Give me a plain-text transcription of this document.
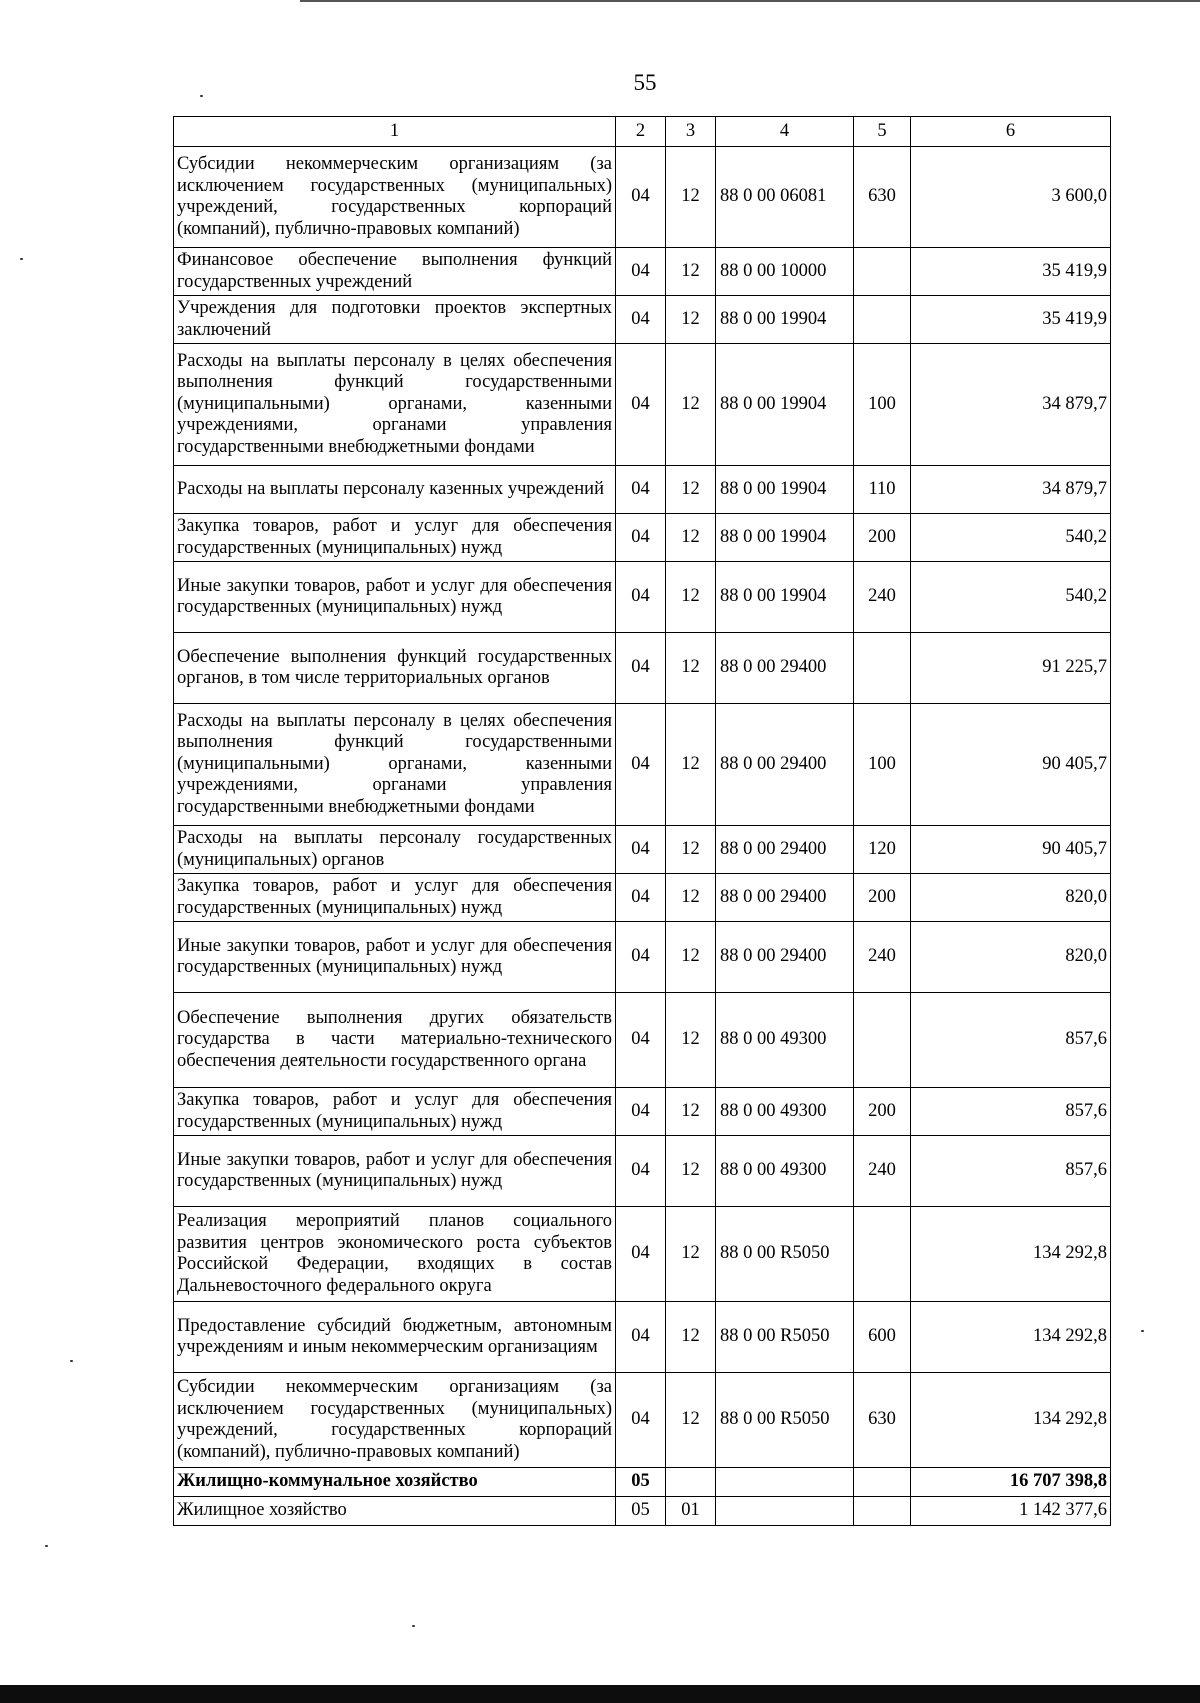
55
1	2	3	4	5	6
Субсидии некоммерческим организациям (за исключением государственных (муниципальных) учреждений, государственных корпораций (компаний), публично-правовых компаний)	04	12	88 0 00 06081	630	3 600,0
Финансовое обеспечение выполнения функций государственных учреждений	04	12	88 0 00 10000		35 419,9
Учреждения для подготовки проектов экспертных заключений	04	12	88 0 00 19904		35 419,9
Расходы на выплаты персоналу в целях обеспечения выполнения функций государственными (муниципальными) органами, казенными учреждениями, органами управления государственными внебюджетными фондами	04	12	88 0 00 19904	100	34 879,7
Расходы на выплаты персоналу казенных учреждений	04	12	88 0 00 19904	110	34 879,7
Закупка товаров, работ и услуг для обеспечения государственных (муниципальных) нужд	04	12	88 0 00 19904	200	540,2
Иные закупки товаров, работ и услуг для обеспечения государственных (муниципальных) нужд	04	12	88 0 00 19904	240	540,2
Обеспечение выполнения функций государственных органов, в том числе территориальных органов	04	12	88 0 00 29400		91 225,7
Расходы на выплаты персоналу в целях обеспечения выполнения функций государственными (муниципальными) органами, казенными учреждениями, органами управления государственными внебюджетными фондами	04	12	88 0 00 29400	100	90 405,7
Расходы на выплаты персоналу государственных (муниципальных) органов	04	12	88 0 00 29400	120	90 405,7
Закупка товаров, работ и услуг для обеспечения государственных (муниципальных) нужд	04	12	88 0 00 29400	200	820,0
Иные закупки товаров, работ и услуг для обеспечения государственных (муниципальных) нужд	04	12	88 0 00 29400	240	820,0
Обеспечение выполнения других обязательств государства в части материально-технического обеспечения деятельности государственного органа	04	12	88 0 00 49300		857,6
Закупка товаров, работ и услуг для обеспечения государственных (муниципальных) нужд	04	12	88 0 00 49300	200	857,6
Иные закупки товаров, работ и услуг для обеспечения государственных (муниципальных) нужд	04	12	88 0 00 49300	240	857,6
Реализация мероприятий планов социального развития центров экономического роста субъектов Российской Федерации, входящих в состав Дальневосточного федерального округа	04	12	88 0 00 R5050		134 292,8
Предоставление субсидий бюджетным, автономным учреждениям и иным некоммерческим организациям	04	12	88 0 00 R5050	600	134 292,8
Субсидии некоммерческим организациям (за исключением государственных (муниципальных) учреждений, государственных корпораций (компаний), публично-правовых компаний)	04	12	88 0 00 R5050	630	134 292,8
Жилищно-коммунальное хозяйство	05				16 707 398,8
Жилищное хозяйство	05	01			1 142 377,6
